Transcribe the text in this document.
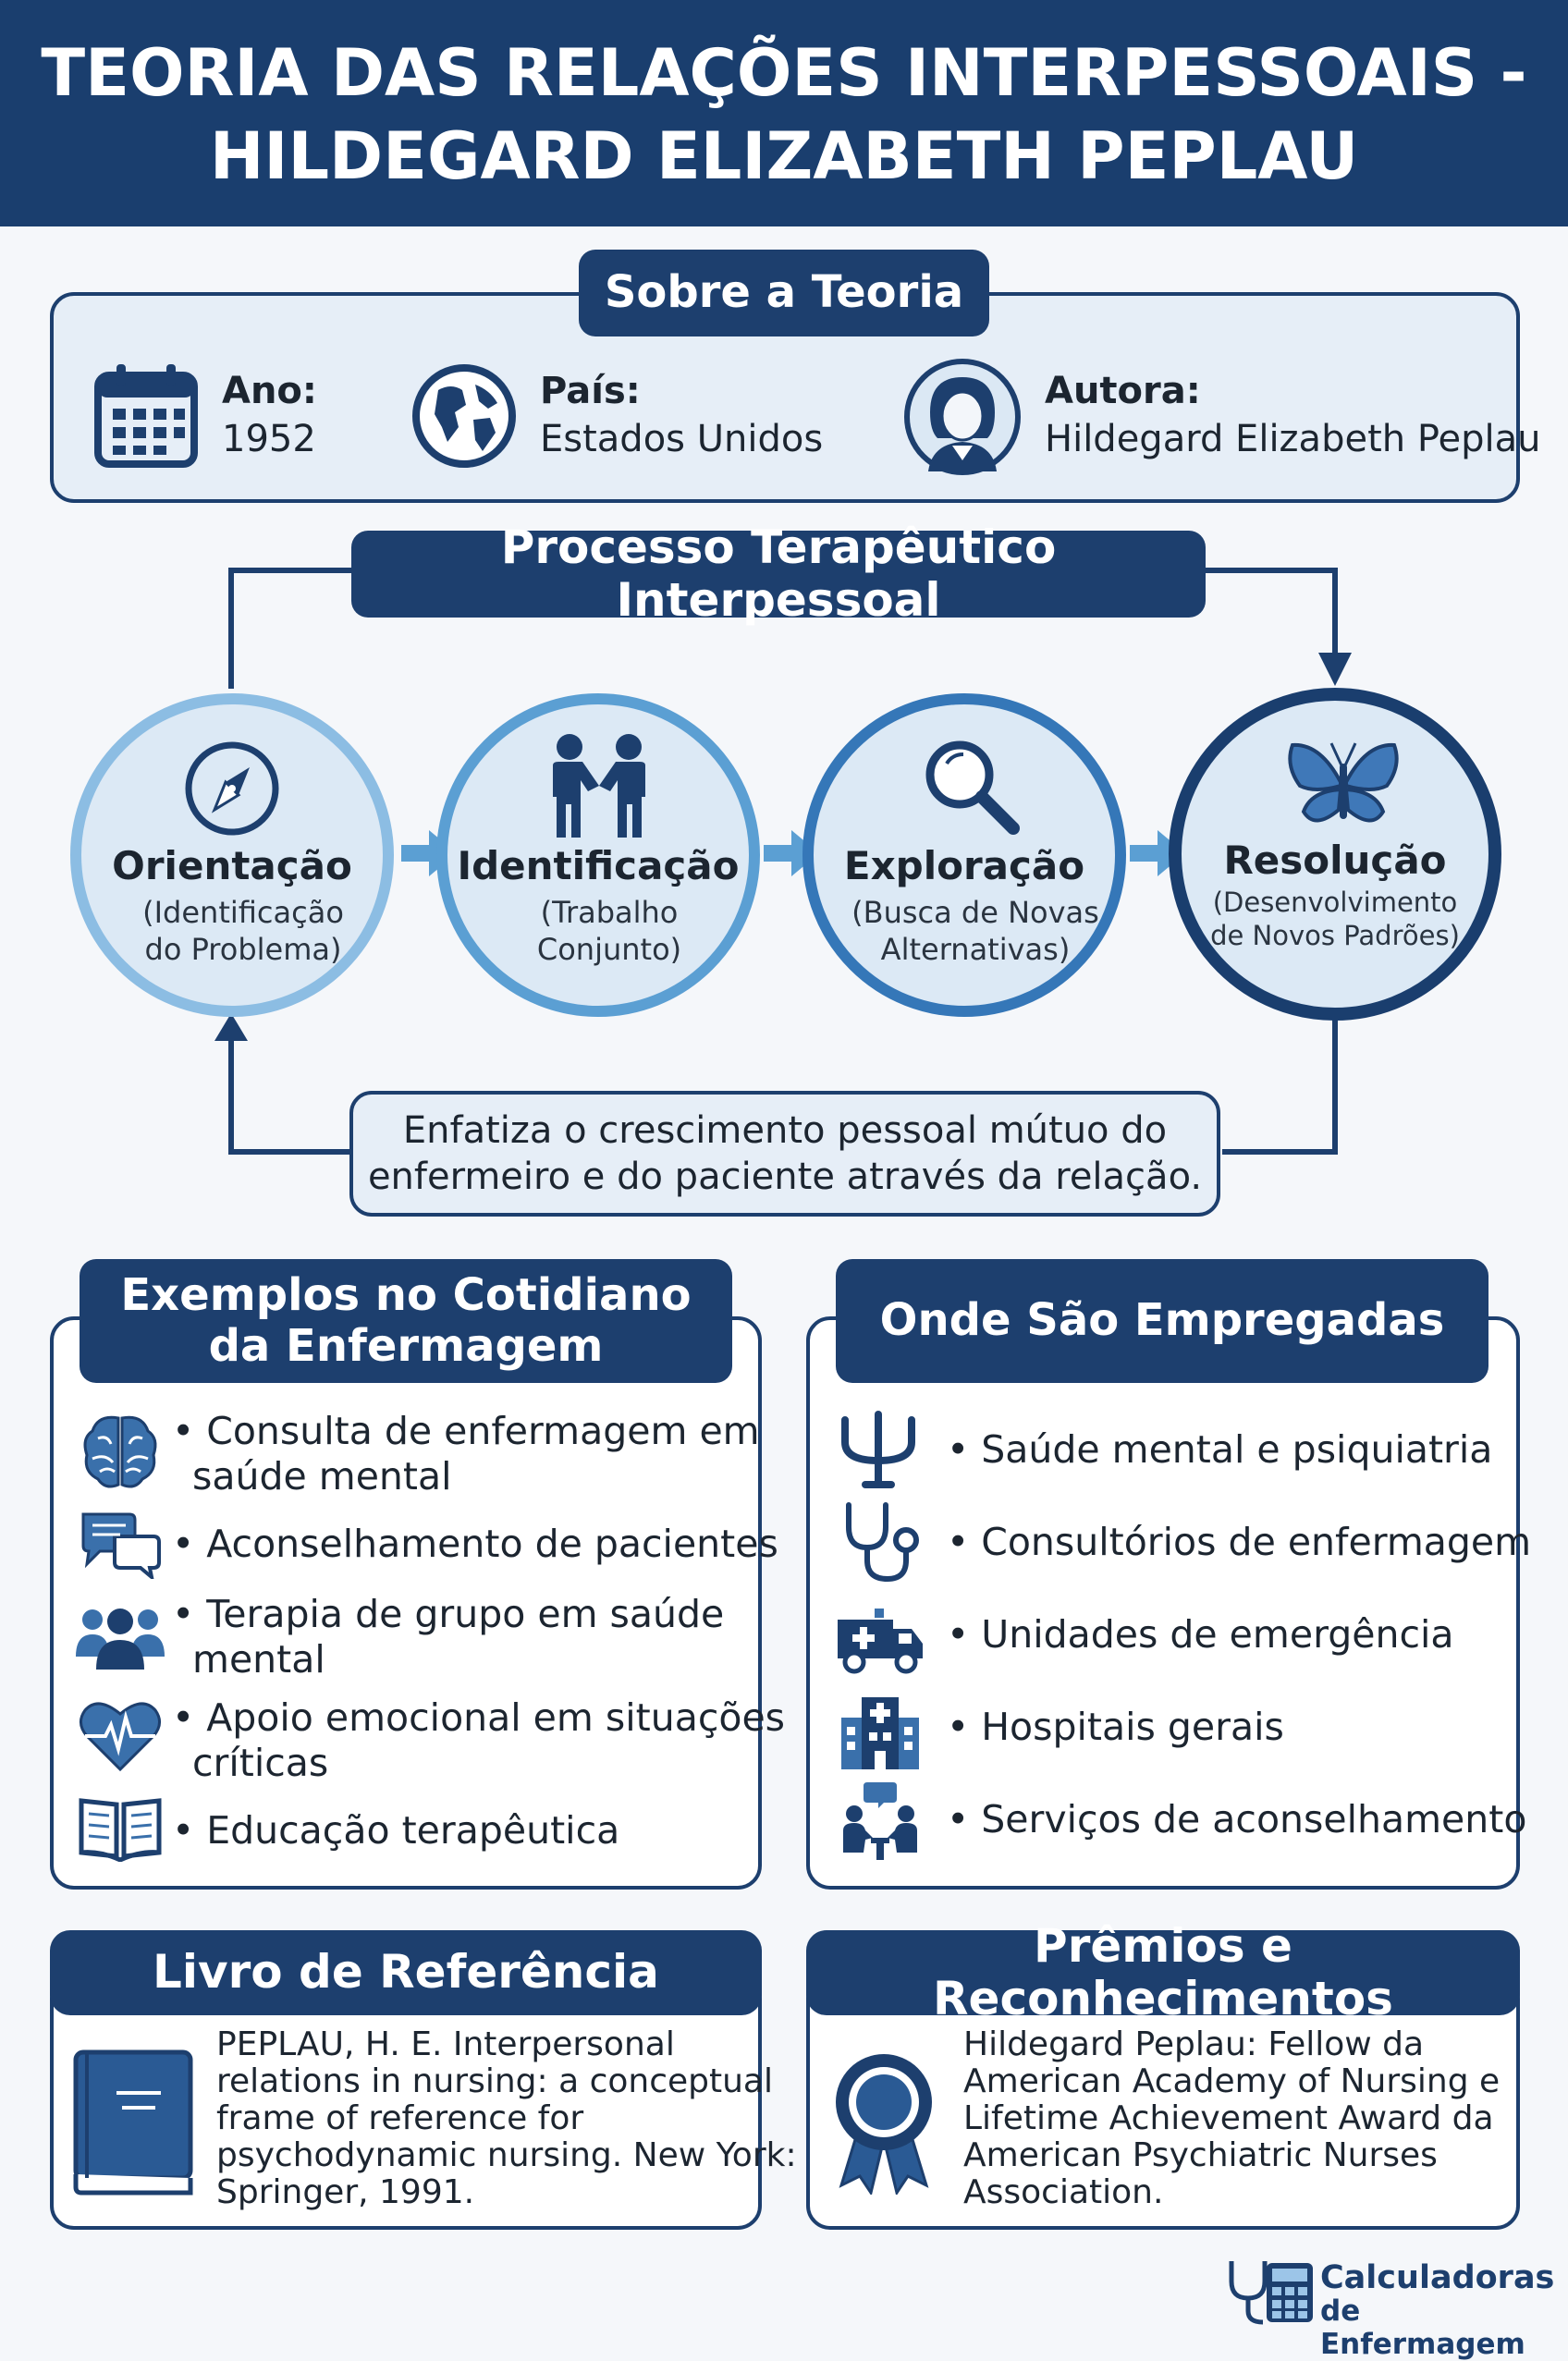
TEORIA DAS RELAÇÕES INTERPESSOAIS -
HILDEGARD ELIZABETH PEPLAU
Sobre a Teoria
Ano:
1952
País:
Estados Unidos
Autora:
Hildegard Elizabeth Peplau
Processo Terapêutico Interpessoal
Orientação
(Identificação
do Problema)
Identificação
(Trabalho
Conjunto)
Exploração
(Busca de Novas
Alternativas)
Resolução
(Desenvolvimento
de Novos Padrões)
Enfatiza o crescimento pessoal mútuo do
enfermeiro e do paciente através da relação.
Exemplos no Cotidiano
da Enfermagem
• Consulta de enfermagem em
saúde mental
• Aconselhamento de pacientes
• Terapia de grupo em saúde
mental
• Apoio emocional em situações
críticas
• Educação terapêutica
Onde São Empregadas
• Saúde mental e psiquiatria
• Consultórios de enfermagem
• Unidades de emergência
• Hospitais gerais
• Serviços de aconselhamento
Livro de Referência
PEPLAU, H. E. Interpersonal
relations in nursing: a conceptual
frame of reference for
psychodynamic nursing. New York:
Springer, 1991.
Prêmios e Reconhecimentos
Hildegard Peplau: Fellow da
American Academy of Nursing e
Lifetime Achievement Award da
American Psychiatric Nurses
Association.
Calculadoras
de Enfermagem
